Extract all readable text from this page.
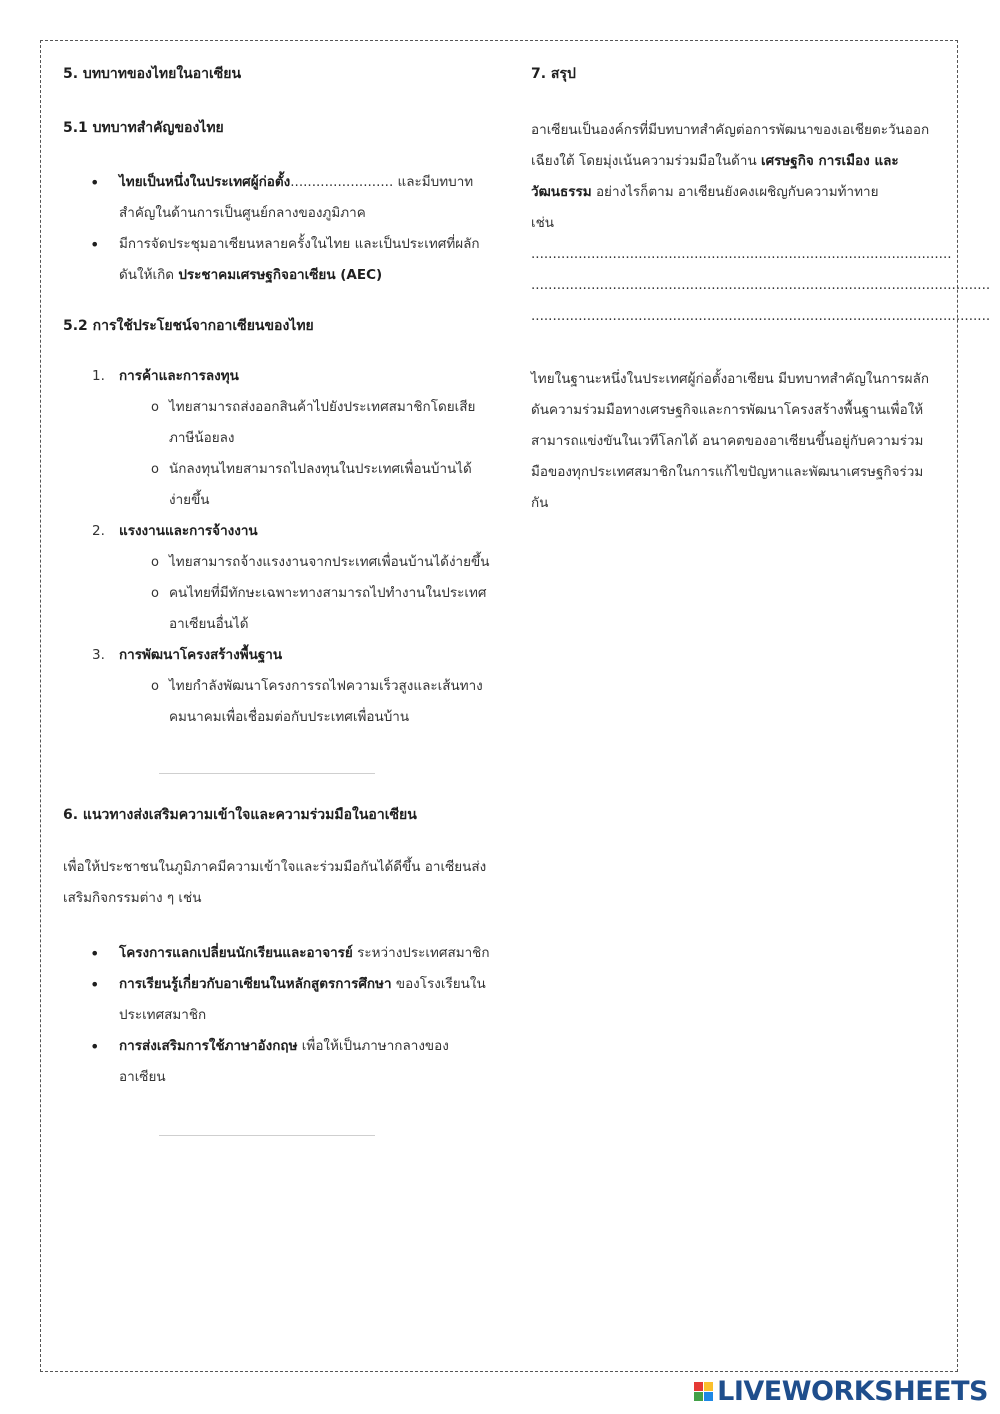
5. บทบาทของไทยในอาเซียน

5.1 บทบาทสำคัญของไทย

• ไทยเป็นหนึ่งในประเทศผู้ก่อตั้ง........................ และมีบทบาทสำคัญในด้านการเป็นศูนย์กลางของภูมิภาค
• มีการจัดประชุมอาเซียนหลายครั้งในไทย และเป็นประเทศที่ผลักดันให้เกิด ประชาคมเศรษฐกิจอาเซียน (AEC)

5.2 การใช้ประโยชน์จากอาเซียนของไทย

1. การค้าและการลงทุน
o ไทยสามารถส่งออกสินค้าไปยังประเทศสมาชิกโดยเสียภาษีน้อยลง
o นักลงทุนไทยสามารถไปลงทุนในประเทศเพื่อนบ้านได้ง่ายขึ้น
2. แรงงานและการจ้างงาน
o ไทยสามารถจ้างแรงงานจากประเทศเพื่อนบ้านได้ง่ายขึ้น
o คนไทยที่มีทักษะเฉพาะทางสามารถไปทำงานในประเทศอาเซียนอื่นได้
3. การพัฒนาโครงสร้างพื้นฐาน
o ไทยกำลังพัฒนาโครงการรถไฟความเร็วสูงและเส้นทางคมนาคมเพื่อเชื่อมต่อกับประเทศเพื่อนบ้าน

6. แนวทางส่งเสริมความเข้าใจและความร่วมมือในอาเซียน

เพื่อให้ประชาชนในภูมิภาคมีความเข้าใจและร่วมมือกันได้ดีขึ้น อาเซียนส่งเสริมกิจกรรมต่าง ๆ เช่น

• โครงการแลกเปลี่ยนนักเรียนและอาจารย์ ระหว่างประเทศสมาชิก
• การเรียนรู้เกี่ยวกับอาเซียนในหลักสูตรการศึกษา ของโรงเรียนในประเทศสมาชิก
• การส่งเสริมการใช้ภาษาอังกฤษ เพื่อให้เป็นภาษากลางของอาเซียน

7. สรุป

อาเซียนเป็นองค์กรที่มีบทบาทสำคัญต่อการพัฒนาของเอเชียตะวันออกเฉียงใต้ โดยมุ่งเน้นความร่วมมือในด้าน เศรษฐกิจ การเมือง และวัฒนธรรม อย่างไรก็ตาม อาเซียนยังคงเผชิญกับความท้าทาย

เช่น ..................................................................................................

...........................................................................................................

...........................................................................................................

ไทยในฐานะหนึ่งในประเทศผู้ก่อตั้งอาเซียน มีบทบาทสำคัญในการผลักดันความร่วมมือทางเศรษฐกิจและการพัฒนาโครงสร้างพื้นฐานเพื่อให้สามารถแข่งขันในเวทีโลกได้ อนาคตของอาเซียนขึ้นอยู่กับความร่วมมือของทุกประเทศสมาชิกในการแก้ไขปัญหาและพัฒนาเศรษฐกิจร่วมกัน

LIVEWORKSHEETS
